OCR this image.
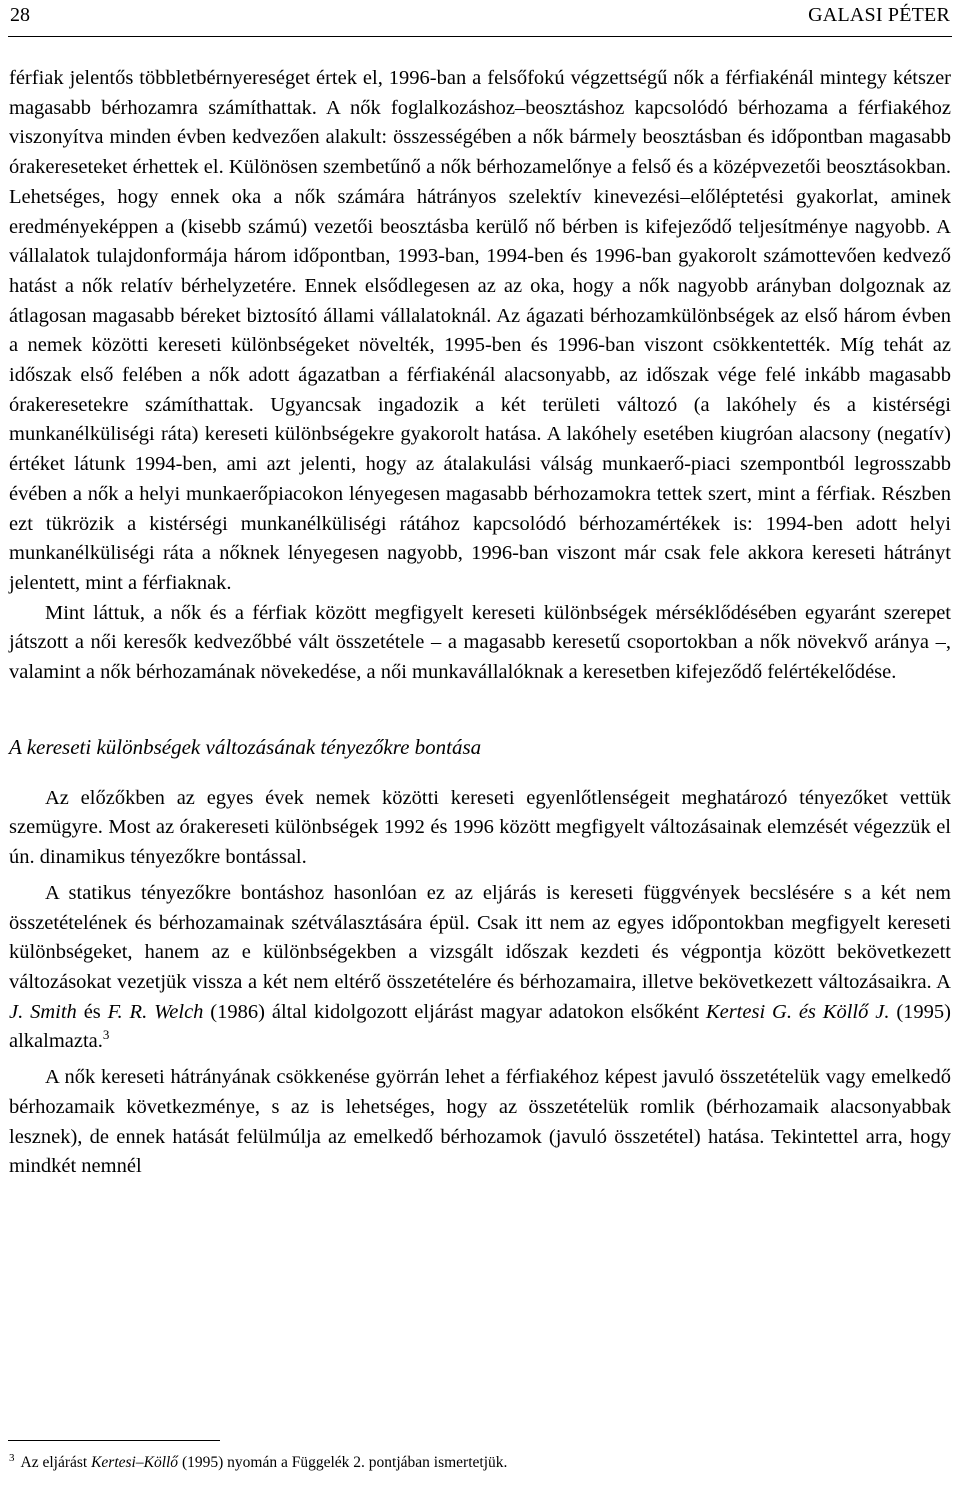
28	GALASI PÉTER

férfiak jelentős többletbérnyereséget értek el, 1996-ban a felsőfokú végzettségű nők a férfiakénál mintegy kétszer magasabb bérhozamra számíthattak. A nők foglalkozáshoz–beosztáshoz kapcsolódó bérhozama a férfiakéhoz viszonyítva minden évben kedvezően alakult: összességében a nők bármely beosztásban és időpontban magasabb órakereseteket érhettek el. Különösen szembetűnő a nők bérhozamelőnye a felső és a középvezetői beosztásokban. Lehetséges, hogy ennek oka a nők számára hátrányos szelektív kinevezési–előléptetési gyakorlat, aminek eredményeképpen a (kisebb számú) vezetői beosztásba kerülő nő bérben is kifejeződő teljesítménye nagyobb. A vállalatok tulajdonformája három időpontban, 1993-ban, 1994-ben és 1996-ban gyakorolt számottevően kedvező hatást a nők relatív bérhelyzetére. Ennek elsődlegesen az az oka, hogy a nők nagyobb arányban dolgoznak az átlagosan magasabb béreket biztosító állami vállalatoknál. Az ágazati bérhozamkülönbségek az első három évben a nemek közötti kereseti különbségeket növelték, 1995-ben és 1996-ban viszont csökkentették. Míg tehát az időszak első felében a nők adott ágazatban a férfiakénál alacsonyabb, az időszak vége felé inkább magasabb órakeresetekre számíthattak. Ugyancsak ingadozik a két területi változó (a lakóhely és a kistérségi munkanélküliségi ráta) kereseti különbségekre gyakorolt hatása. A lakóhely esetében kiugróan alacsony (negatív) értéket látunk 1994-ben, ami azt jelenti, hogy az átalakulási válság munkaerő-piaci szempontból legrosszabb évében a nők a helyi munkaerőpiacokon lényegesen magasabb bérhozamokra tettek szert, mint a férfiak. Részben ezt tükrözik a kistérségi munkanélküliségi rátához kapcsolódó bérhozamértékek is: 1994-ben adott helyi munkanélküliségi ráta a nőknek lényegesen nagyobb, 1996-ban viszont már csak fele akkora kereseti hátrányt jelentett, mint a férfiaknak.

Mint láttuk, a nők és a férfiak között megfigyelt kereseti különbségek mérséklődésében egyaránt szerepet játszott a női keresők kedvezőbbé vált összetétele – a magasabb keresetű csoportokban a nők növekvő aránya –, valamint a nők bérhozamának növekedése, a női munkavállalóknak a keresetben kifejeződő felértékelődése.

A kereseti különbségek változásának tényezőkre bontása

Az előzőkben az egyes évek nemek közötti kereseti egyenlőtlenségeit meghatározó tényezőket vettük szemügyre. Most az órakereseti különbségek 1992 és 1996 között megfigyelt változásainak elemzését végezzük el ún. dinamikus tényezőkre bontással.

A statikus tényezőkre bontáshoz hasonlóan ez az eljárás is kereseti függvények becslésére s a két nem összetételének és bérhozamainak szétválasztására épül. Csak itt nem az egyes időpontokban megfigyelt kereseti különbségeket, hanem az e különbségekben a vizsgált időszak kezdeti és végpontja között bekövetkezett változásokat vezetjük vissza a két nem eltérő összetételére és bérhozamaira, illetve bekövetkezett változásaikra. A J. Smith és F. R. Welch (1986) által kidolgozott eljárást magyar adatokon elsőként Kertesi G. és Köllő J. (1995) alkalmazta.$^3$

A nők kereseti hátrányának csökkenése györrán lehet a férfiakéhoz képest javuló összetételük vagy emelkedő bérhozamaik következménye, s az is lehetséges, hogy az összetételük romlik (bérhozamaik alacsonyabbak lesznek), de ennek hatását felülmúlja az emelkedő bérhozamok (javuló összetétel) hatása. Tekintettel arra, hogy mindkét nemnél

$^3$ Az eljárást Kertesi–Köllő (1995) nyomán a Függelék 2. pontjában ismertetjük.
